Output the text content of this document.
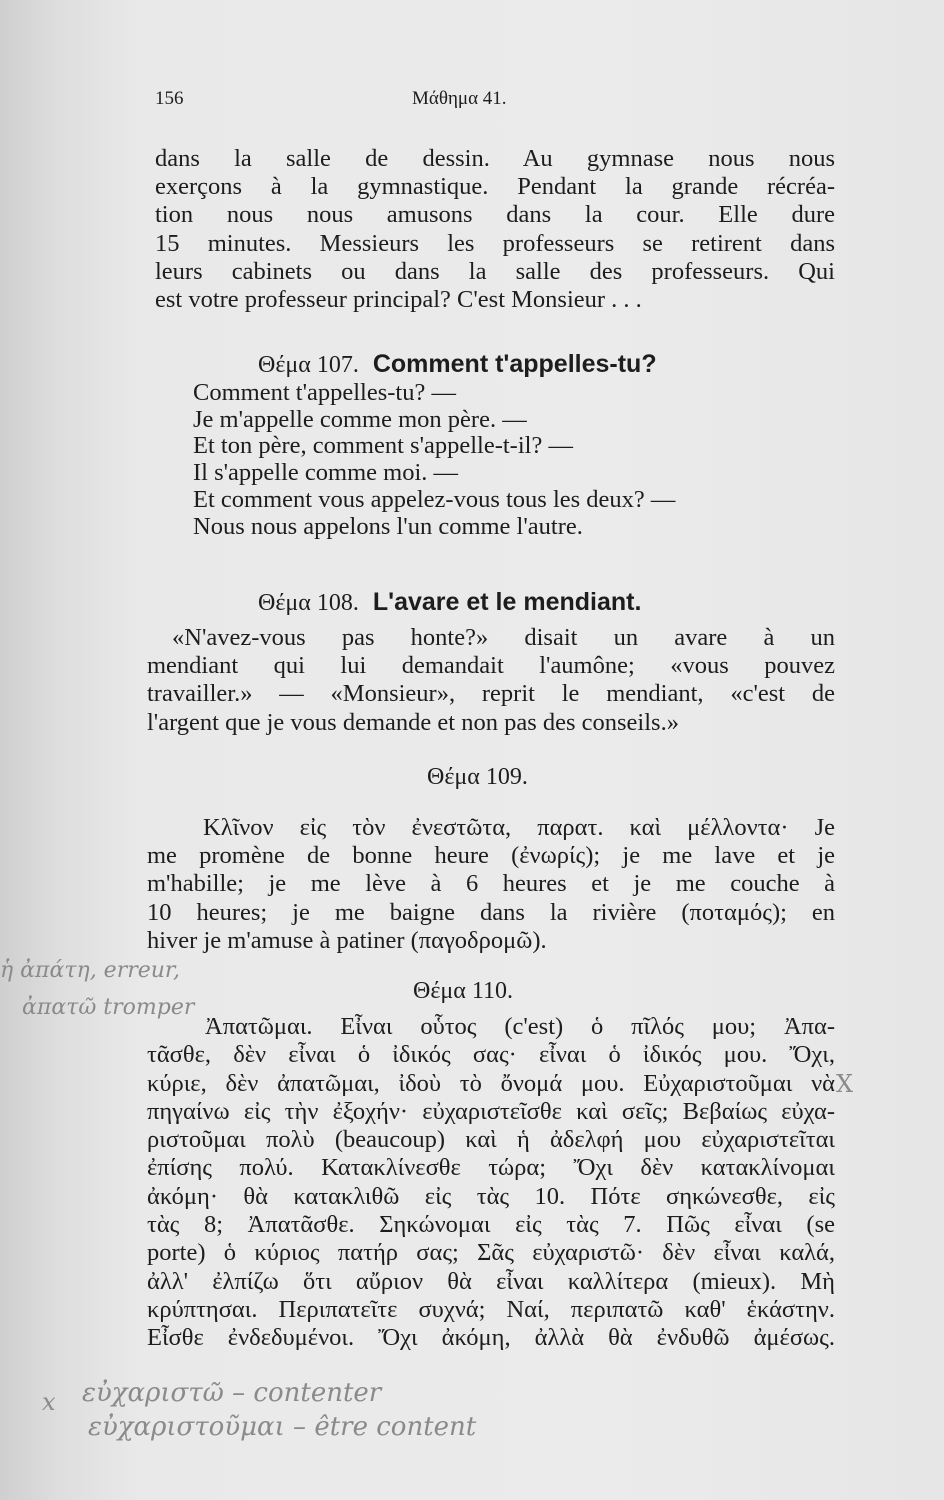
156	Μάθημα 41.
dans la salle de dessin. Au gymnase nous nous
exerçons à la gymnastique. Pendant la grande récréa-
tion nous nous amusons dans la cour. Elle dure
15 minutes. Messieurs les professeurs se retirent dans
leurs cabinets ou dans la salle des professeurs. Qui
est votre professeur principal? C'est Monsieur . . .
Θέμα 107. Comment t'appelles-tu?
Comment t'appelles-tu? —
Je m'appelle comme mon père. —
Et ton père, comment s'appelle-t-il? —
Il s'appelle comme moi. —
Et comment vous appelez-vous tous les deux? —
Nous nous appelons l'un comme l'autre.
Θέμα 108. L'avare et le mendiant.
«N'avez-vous pas honte?» disait un avare à un
mendiant qui lui demandait l'aumône; «vous pouvez
travailler.» — «Monsieur», reprit le mendiant, «c'est de
l'argent que je vous demande et non pas des conseils.»
Θέμα 109.
Κλῖνον εἰς τὸν ἐνεστῶτα, παρατ. καὶ μέλλοντα· Je
me promène de bonne heure (ἐνωρίς); je me lave et je
m'habille; je me lève à 6 heures et je me couche à
10 heures; je me baigne dans la rivière (ποταμός); en
hiver je m'amuse à patiner (παγοδρομῶ).
Θέμα 110.
Ἀπατῶμαι. Εἶναι οὗτος (c'est) ὁ πῖλός μου; Ἀπα-
τᾶσθε, δὲν εἶναι ὁ ἰδικός σας· εἶναι ὁ ἰδικός μου. Ὄχι,
κύριε, δὲν ἀπατῶμαι, ἰδοὺ τὸ ὄνομά μου. Εὐχαριστοῦμαι νὰ
πηγαίνω εἰς τὴν ἐξοχήν· εὐχαριστεῖσθε καὶ σεῖς; Βεβαίως εὐχα-
ριστοῦμαι πολὺ (beaucoup) καὶ ἡ ἀδελφή μου εὐχαριστεῖται
ἐπίσης πολύ. Κατακλίνεσθε τώρα; Ὄχι δὲν κατακλίνομαι
ἀκόμη· θὰ κατακλιθῶ εἰς τὰς 10. Πότε σηκώνεσθε, εἰς
τὰς 8; Ἀπατᾶσθε. Σηκώνομαι εἰς τὰς 7. Πῶς εἶναι (se
porte) ὁ κύριος πατήρ σας; Σᾶς εὐχαριστῶ· δὲν εἶναι καλά,
ἀλλ' ἐλπίζω ὅτι αὔριον θὰ εἶναι καλλίτερα (mieux). Μὴ
κρύπτησαι. Περιπατεῖτε συχνά; Ναί, περιπατῶ καθ' ἑκάστην.
Εἶσθε ἐνδεδυμένοι. Ὄχι ἀκόμη, ἀλλὰ θὰ ἐνδυθῶ ἀμέσως.
ἡ ἀπάτη, erreur,
ἀπατῶ tromper
X
x εὐχαριστῶ – contenter
εὐχαριστοῦμαι – être content
